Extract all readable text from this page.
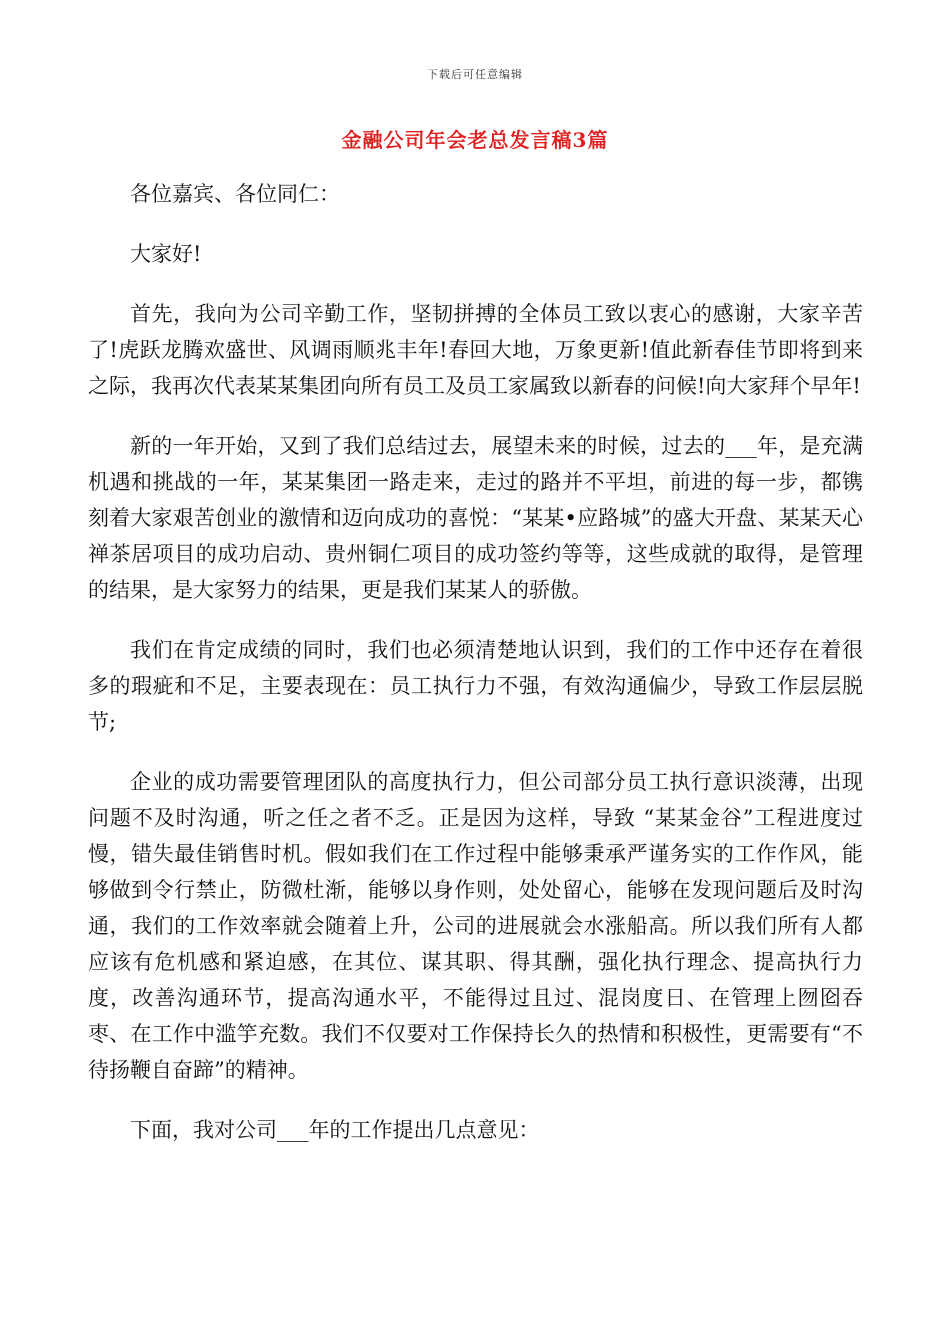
下载后可任意编辑
金融公司年会老总发言稿3篇

各位嘉宾、各位同仁：

大家好!

首先，我向为公司辛勤工作，坚韧拼搏的全体员工致以衷心的感谢，大家辛苦了!虎跃龙腾欢盛世、风调雨顺兆丰年!春回大地，万象更新!值此新春佳节即将到来之际，我再次代表某某集团向所有员工及员工家属致以新春的问候!向大家拜个早年!

新的一年开始，又到了我们总结过去，展望未来的时候，过去的___年，是充满机遇和挑战的一年，某某集团一路走来，走过的路并不平坦，前进的每一步，都镌刻着大家艰苦创业的激情和迈向成功的喜悦：“某某•应路城”的盛大开盘、某某天心禅茶居项目的成功启动、贵州铜仁项目的成功签约等等，这些成就的取得，是管理的结果，是大家努力的结果，更是我们某某人的骄傲。

我们在肯定成绩的同时，我们也必须清楚地认识到，我们的工作中还存在着很多的瑕疵和不足，主要表现在：员工执行力不强，有效沟通偏少，导致工作层层脱节;

企业的成功需要管理团队的高度执行力，但公司部分员工执行意识淡薄，出现问题不及时沟通，听之任之者不乏。正是因为这样，导致 “某某金谷”工程进度过慢，错失最佳销售时机。假如我们在工作过程中能够秉承严谨务实的工作作风，能够做到令行禁止，防微杜渐，能够以身作则，处处留心，能够在发现问题后及时沟通，我们的工作效率就会随着上升，公司的进展就会水涨船高。所以我们所有人都应该有危机感和紧迫感，在其位、谋其职、得其酬，强化执行理念、提高执行力度，改善沟通环节，提高沟通水平，不能得过且过、混岗度日、在管理上囫囵吞枣、在工作中滥竽充数。我们不仅要对工作保持长久的热情和积极性，更需要有“不待扬鞭自奋蹄”的精神。

下面，我对公司___年的工作提出几点意见：
